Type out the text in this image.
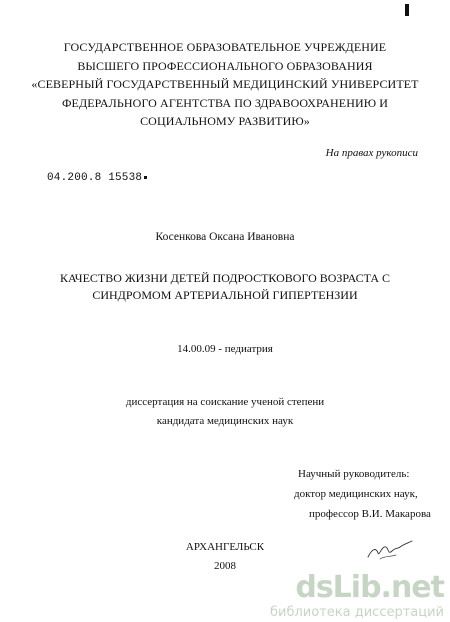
ГОСУДАРСТВЕННОЕ ОБРАЗОВАТЕЛЬНОЕ УЧРЕЖДЕНИЕ
ВЫСШЕГО ПРОФЕССИОНАЛЬНОГО ОБРАЗОВАНИЯ
«СЕВЕРНЫЙ ГОСУДАРСТВЕННЫЙ МЕДИЦИНСКИЙ УНИВЕРСИТЕТ
ФЕДЕРАЛЬНОГО АГЕНТСТВА ПО ЗДРАВООХРАНЕНИЮ И
СОЦИАЛЬНОМУ РАЗВИТИЮ»
На правах рукописи
04.200.8 15538
Косенкова Оксана Ивановна
КАЧЕСТВО ЖИЗНИ ДЕТЕЙ ПОДРОСТКОВОГО ВОЗРАСТА С
СИНДРОМОМ АРТЕРИАЛЬНОЙ ГИПЕРТЕНЗИИ
14.00.09 - педиатрия
диссертация на соискание ученой степени
кандидата медицинских наук
Научный руководитель:
доктор медицинских наук,
профессор В.И. Макарова
АРХАНГЕЛЬСК
2008
dsLib.net
библиотека диссертаций
